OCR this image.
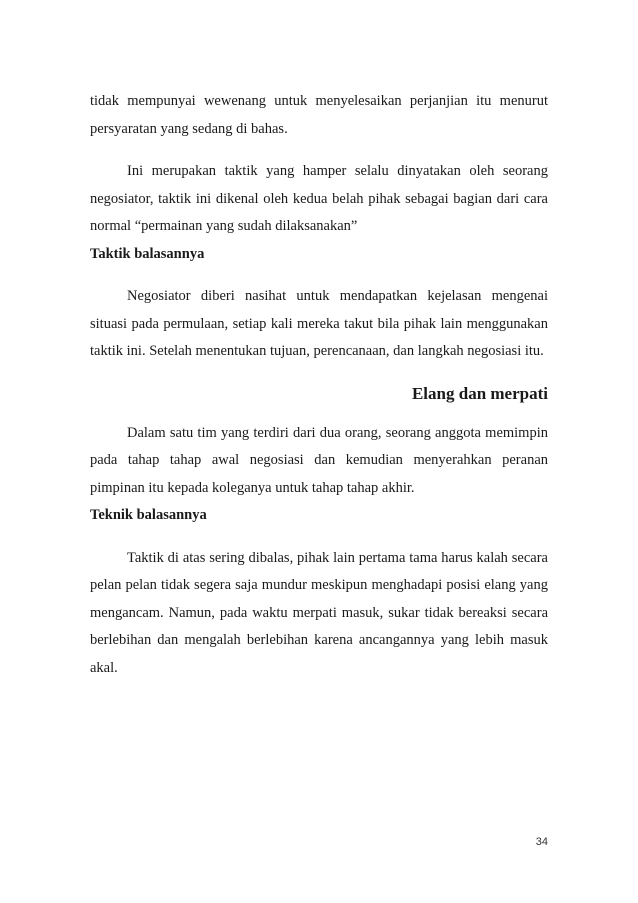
tidak mempunyai wewenang untuk menyelesaikan perjanjian itu menurut persyaratan yang sedang di bahas.

Ini merupakan taktik yang hamper selalu dinyatakan oleh seorang negosiator, taktik ini dikenal oleh kedua belah pihak sebagai bagian dari cara normal “permainan yang sudah dilaksanakan”

Taktik balasannya

Negosiator diberi nasihat untuk mendapatkan kejelasan mengenai situasi pada permulaan, setiap kali mereka takut bila pihak lain menggunakan taktik ini. Setelah menentukan tujuan, perencanaan, dan langkah negosiasi itu.

Elang dan merpati

Dalam satu tim yang terdiri dari dua orang, seorang anggota memimpin pada tahap tahap awal negosiasi dan kemudian menyerahkan peranan pimpinan itu kepada koleganya untuk tahap tahap akhir.

Teknik balasannya

Taktik di atas sering dibalas, pihak lain pertama tama harus kalah secara pelan pelan tidak segera saja mundur meskipun menghadapi posisi elang yang mengancam. Namun, pada waktu merpati masuk, sukar tidak bereaksi secara berlebihan dan mengalah berlebihan karena ancangannya yang lebih masuk akal.

34
